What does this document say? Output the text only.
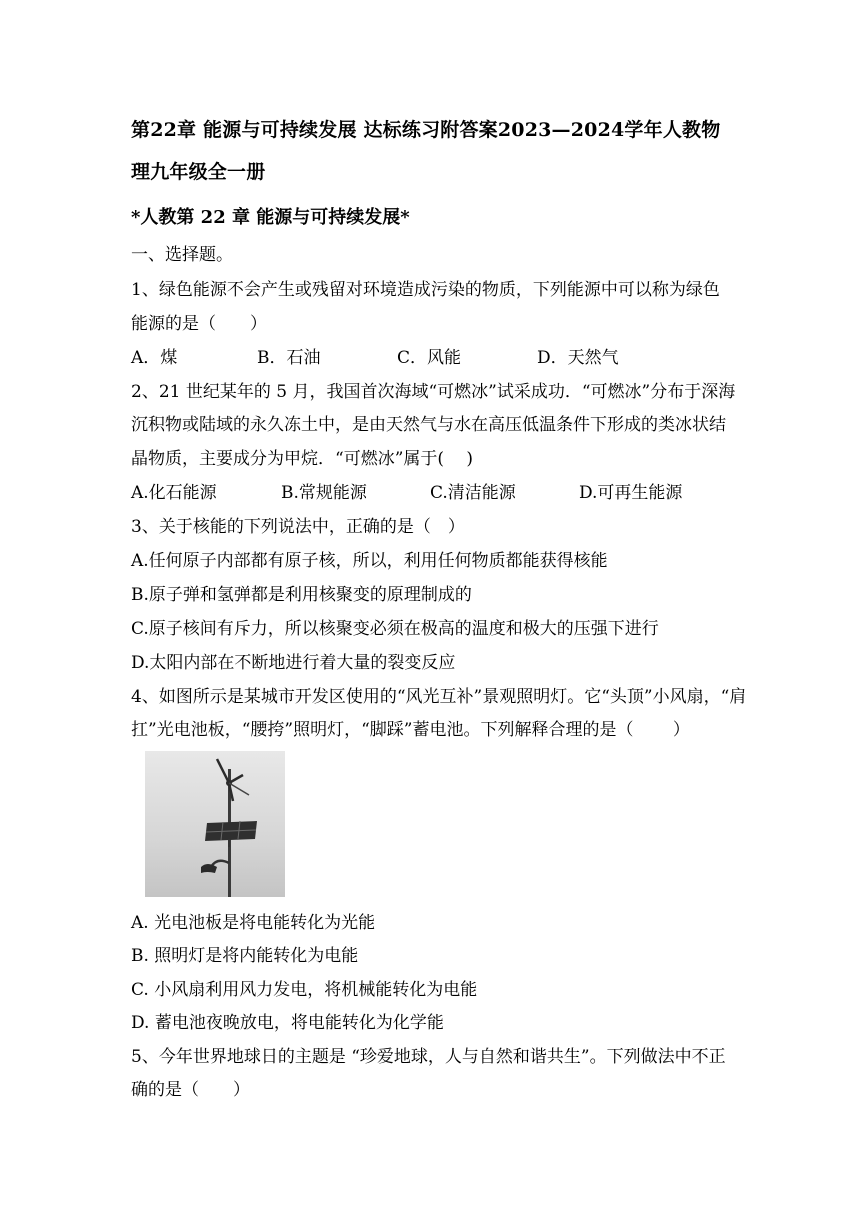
第22章 能源与可持续发展 达标练习附答案2023—2024学年人教物
理九年级全一册
*人教第 22 章 能源与可持续发展*
一、选择题。
1、绿色能源不会产生或残留对环境造成污染的物质，下列能源中可以称为绿色
能源的是（　　）
A．煤	B．石油	C．风能	D．天然气
2、21 世纪某年的 5 月，我国首次海域“可燃冰”试采成功．“可燃冰”分布于深海
沉积物或陆域的永久冻土中，是由天然气与水在高压低温条件下形成的类冰状结
晶物质，主要成分为甲烷．“可燃冰”属于(　 )
A.化石能源	B.常规能源	C.清洁能源	D.可再生能源
3、关于核能的下列说法中，正确的是（　）
A.任何原子内部都有原子核，所以，利用任何物质都能获得核能
B.原子弹和氢弹都是利用核聚变的原理制成的
C.原子核间有斥力，所以核聚变必须在极高的温度和极大的压强下进行
D.太阳内部在不断地进行着大量的裂变反应
4、如图所示是某城市开发区使用的“风光互补”景观照明灯。它“头顶”小风扇，“肩
扛”光电池板，“腰挎”照明灯，“脚踩”蓄电池。下列解释合理的是（　　 ）
A. 光电池板是将电能转化为光能
B. 照明灯是将内能转化为电能
C. 小风扇利用风力发电，将机械能转化为电能
D. 蓄电池夜晚放电，将电能转化为化学能
5、今年世界地球日的主题是 “珍爱地球，人与自然和谐共生”。下列做法中不正
确的是（　　）
